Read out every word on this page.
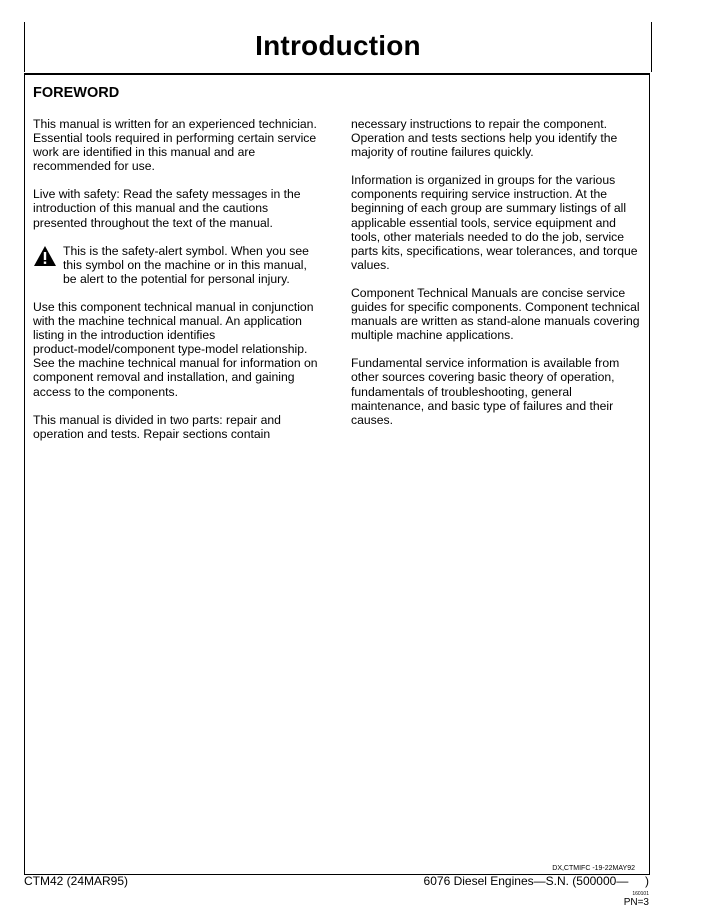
Introduction
FOREWORD

This manual is written for an experienced technician.
Essential tools required in performing certain service
work are identified in this manual and are
recommended for use.

Live with safety: Read the safety messages in the
introduction of this manual and the cautions
presented throughout the text of the manual.

This is the safety-alert symbol. When you see
this symbol on the machine or in this manual,
be alert to the potential for personal injury.

Use this component technical manual in conjunction
with the machine technical manual. An application
listing in the introduction identifies
product-model/component type-model relationship.
See the machine technical manual for information on
component removal and installation, and gaining
access to the components.

This manual is divided in two parts: repair and
operation and tests. Repair sections contain

necessary instructions to repair the component.
Operation and tests sections help you identify the
majority of routine failures quickly.

Information is organized in groups for the various
components requiring service instruction. At the
beginning of each group are summary listings of all
applicable essential tools, service equipment and
tools, other materials needed to do the job, service
parts kits, specifications, wear tolerances, and torque
values.

Component Technical Manuals are concise service
guides for specific components. Component technical
manuals are written as stand-alone manuals covering
multiple machine applications.

Fundamental service information is available from
other sources covering basic theory of operation,
fundamentals of troubleshooting, general
maintenance, and basic type of failures and their
causes.

DX,CTMIFC -19-22MAY92
CTM42 (24MAR95)	6076 Diesel Engines—S.N. (500000—     )
160101
PN=3
